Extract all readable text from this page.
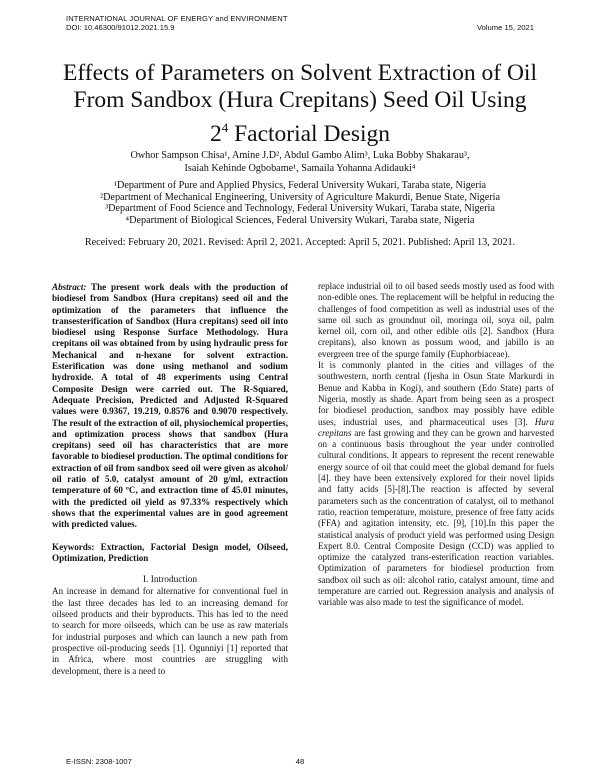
INTERNATIONAL JOURNAL OF ENERGY and ENVIRONMENT
DOI: 10.46300/91012.2021.15.9	Volume 15, 2021
Effects of Parameters on Solvent Extraction of Oil
From Sandbox (Hura Crepitans) Seed Oil Using
$2^4$ Factorial Design
Owhor Sampson Chisa¹, Amine J.D², Abdul Gambo Alim³, Luka Bobby Shakarau³,
Isaiah Kehinde Ogbobame¹, Samaila Yohanna Adidauki⁴
¹Department of Pure and Applied Physics, Federal University Wukari, Taraba state, Nigeria
²Department of Mechanical Engineering, University of Agriculture Makurdi, Benue State, Nigeria
³Department of Food Science and Technology, Federal University Wukari, Taraba state, Nigeria
⁴Department of Biological Sciences, Federal University Wukari, Taraba state, Nigeria
Received: February 20, 2021. Revised: April 2, 2021. Accepted: April 5, 2021. Published: April 13, 2021.
Abstract: The present work deals with the production of biodiesel from Sandbox (Hura crepitans) seed oil and the optimization of the parameters that influence the transesterification of Sandbox (Hura crepitans) seed oil into biodiesel using Response Surface Methodology. Hura crepitans oil was obtained from by using hydraulic press for Mechanical and n-hexane for solvent extraction. Esterification was done using methanol and sodium hydroxide. A total of 48 experiments using Central Composite Design were carried out. The R-Squared, Adequate Precision, Predicted and Adjusted R-Squared values were 0.9367, 19.219, 0.8576 and 0.9070 respectively. The result of the extraction of oil, physiochemical properties, and optimization process shows that sandbox (Hura crepitans) seed oil has characteristics that are more favorable to biodiesel production. The optimal conditions for extraction of oil from sandbox seed oil were given as alcohol/ oil ratio of 5.0, catalyst amount of 20 g/ml, extraction temperature of 60 ºC, and extraction time of 45.01 minutes, with the predicted oil yield as 97.33% respectively which shows that the experimental values are in good agreement with predicted values.
Keywords: Extraction, Factorial Design model, Oilseed, Optimization, Prediction
I. Introduction

An increase in demand for alternative for conventional fuel in the last three decades has led to an increasing demand for oilseed products and their byproducts. This has led to the need to search for more oilseeds, which can be use as raw materials for industrial purposes and which can launch a new path from prospective oil-producing seeds [1]. Ogunniyi [1] reported that in Africa, where most countries are struggling with development, there is a need to

replace industrial oil to oil based seeds mostly used as food with non-edible ones. The replacement will be helpful in reducing the challenges of food competition as well as industrial uses of the same oil such as groundnut oil, moringa oil, soya oil, palm kernel oil, corn oil, and other edible oils [2]. Sandbox (Hura crepitans), also known as possum wood, and jabillo is an evergreen tree of the spurge family (Euphorbiaceae).

It is commonly planted in the cities and villages of the southwestern, north central (Ijesha in Osun State Markurdi in Benue and Kabba in Kogi), and southern (Edo State) parts of Nigeria, mostly as shade. Apart from being seen as a prospect for biodiesel production, sandbox may possibly have edible uses, industrial uses, and pharmaceutical uses [3]. Hura crepitans are fast growing and they can be grown and harvested on a continuous basis throughout the year under controlled cultural conditions. It appears to represent the recent renewable energy source of oil that could meet the global demand for fuels [4]. they have been extensively explored for their novel lipids and fatty acids [5]-[8].The reaction is affected by several parameters such as the concentration of catalyst, oil to methanol ratio, reaction temperature, moisture, presence of free fatty acids (FFA) and agitation intensity, etc. [9], [10].In this paper the statistical analysis of product yield was performed using Design Expert 8.0. Central Composite Design (CCD) was applied to optimize the catalyzed trans-esterification reaction variables. Optimization of parameters for biodiesel production from sandbox oil such as oil: alcohol ratio, catalyst amount, time and temperature are carried out. Regression analysis and analysis of variable was also made to test the significance of model.

E-ISSN: 2308-1007	48
